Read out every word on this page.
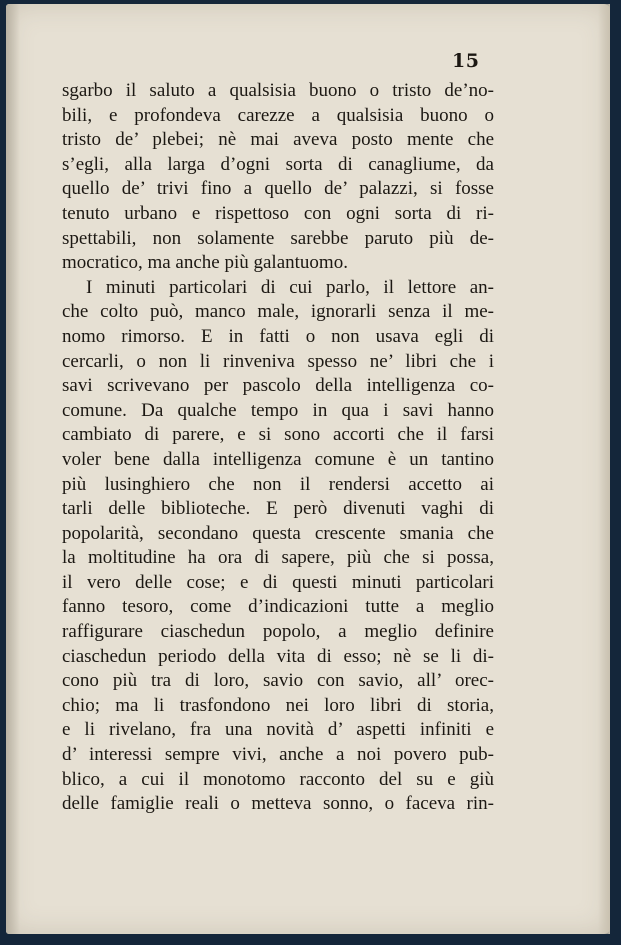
15
sgarbo il saluto a qualsisia buono o tristo de’no-
bili, e profondeva carezze a qualsisia buono o
tristo de’ plebei; nè mai aveva posto mente che
s’egli, alla larga d’ogni sorta di canagliume, da
quello de’ trivi fino a quello de’ palazzi, si fosse
tenuto urbano e rispettoso con ogni sorta di ri-
spettabili, non solamente sarebbe paruto più de-
mocratico, ma anche più galantuomo.
I minuti particolari di cui parlo, il lettore an-
che colto può, manco male, ignorarli senza il me-
nomo rimorso. E in fatti o non usava egli di
cercarli, o non li rinveniva spesso ne’ libri che i
savi scrivevano per pascolo della intelligenza co-
comune. Da qualche tempo in qua i savi hanno
cambiato di parere, e si sono accorti che il farsi
voler bene dalla intelligenza comune è un tantino
più lusinghiero che non il rendersi accetto ai
tarli delle biblioteche. E però divenuti vaghi di
popolarità, secondano questa crescente smania che
la moltitudine ha ora di sapere, più che si possa,
il vero delle cose; e di questi minuti particolari
fanno tesoro, come d’indicazioni tutte a meglio
raffigurare ciaschedun popolo, a meglio definire
ciaschedun periodo della vita di esso; nè se li di-
cono più tra di loro, savio con savio, all’ orec-
chio; ma li trasfondono nei loro libri di storia,
e li rivelano, fra una novità d’ aspetti infiniti e
d’ interessi sempre vivi, anche a noi povero pub-
blico, a cui il monotomo racconto del su e giù
delle famiglie reali o metteva sonno, o faceva rin-
